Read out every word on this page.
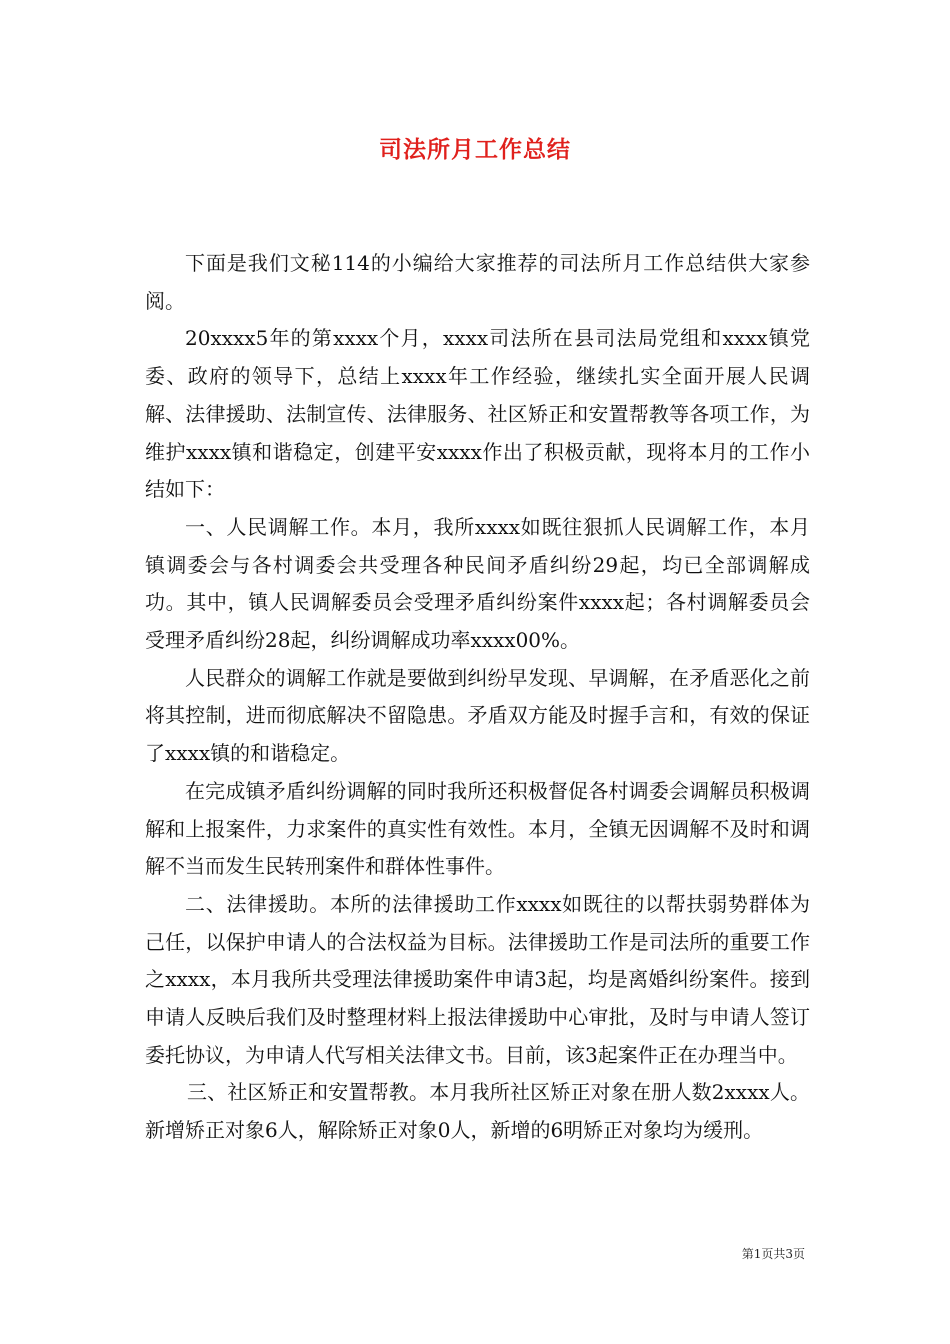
司法所月工作总结

下面是我们文秘114的小编给大家推荐的司法所月工作总结供大家参阅。

20xxxx5年的第xxxx个月，xxxx司法所在县司法局党组和xxxx镇党委、政府的领导下，总结上xxxx年工作经验，继续扎实全面开展人民调解、法律援助、法制宣传、法律服务、社区矫正和安置帮教等各项工作，为维护xxxx镇和谐稳定，创建平安xxxx作出了积极贡献，现将本月的工作小结如下：

一、人民调解工作。本月，我所xxxx如既往狠抓人民调解工作，本月镇调委会与各村调委会共受理各种民间矛盾纠纷29起，均已全部调解成功。其中，镇人民调解委员会受理矛盾纠纷案件xxxx起；各村调解委员会受理矛盾纠纷28起，纠纷调解成功率xxxx00%。

人民群众的调解工作就是要做到纠纷早发现、早调解，在矛盾恶化之前将其控制，进而彻底解决不留隐患。矛盾双方能及时握手言和，有效的保证了xxxx镇的和谐稳定。

在完成镇矛盾纠纷调解的同时我所还积极督促各村调委会调解员积极调解和上报案件，力求案件的真实性有效性。本月，全镇无因调解不及时和调解不当而发生民转刑案件和群体性事件。

二、法律援助。本所的法律援助工作xxxx如既往的以帮扶弱势群体为己任，以保护申请人的合法权益为目标。法律援助工作是司法所的重要工作之xxxx，本月我所共受理法律援助案件申请3起，均是离婚纠纷案件。接到申请人反映后我们及时整理材料上报法律援助中心审批，及时与申请人签订委托协议，为申请人代写相关法律文书。目前，该3起案件正在办理当中。

三、社区矫正和安置帮教。本月我所社区矫正对象在册人数2xxxx人。新增矫正对象6人，解除矫正对象0人，新增的6明矫正对象均为缓刑。

第1页共3页
